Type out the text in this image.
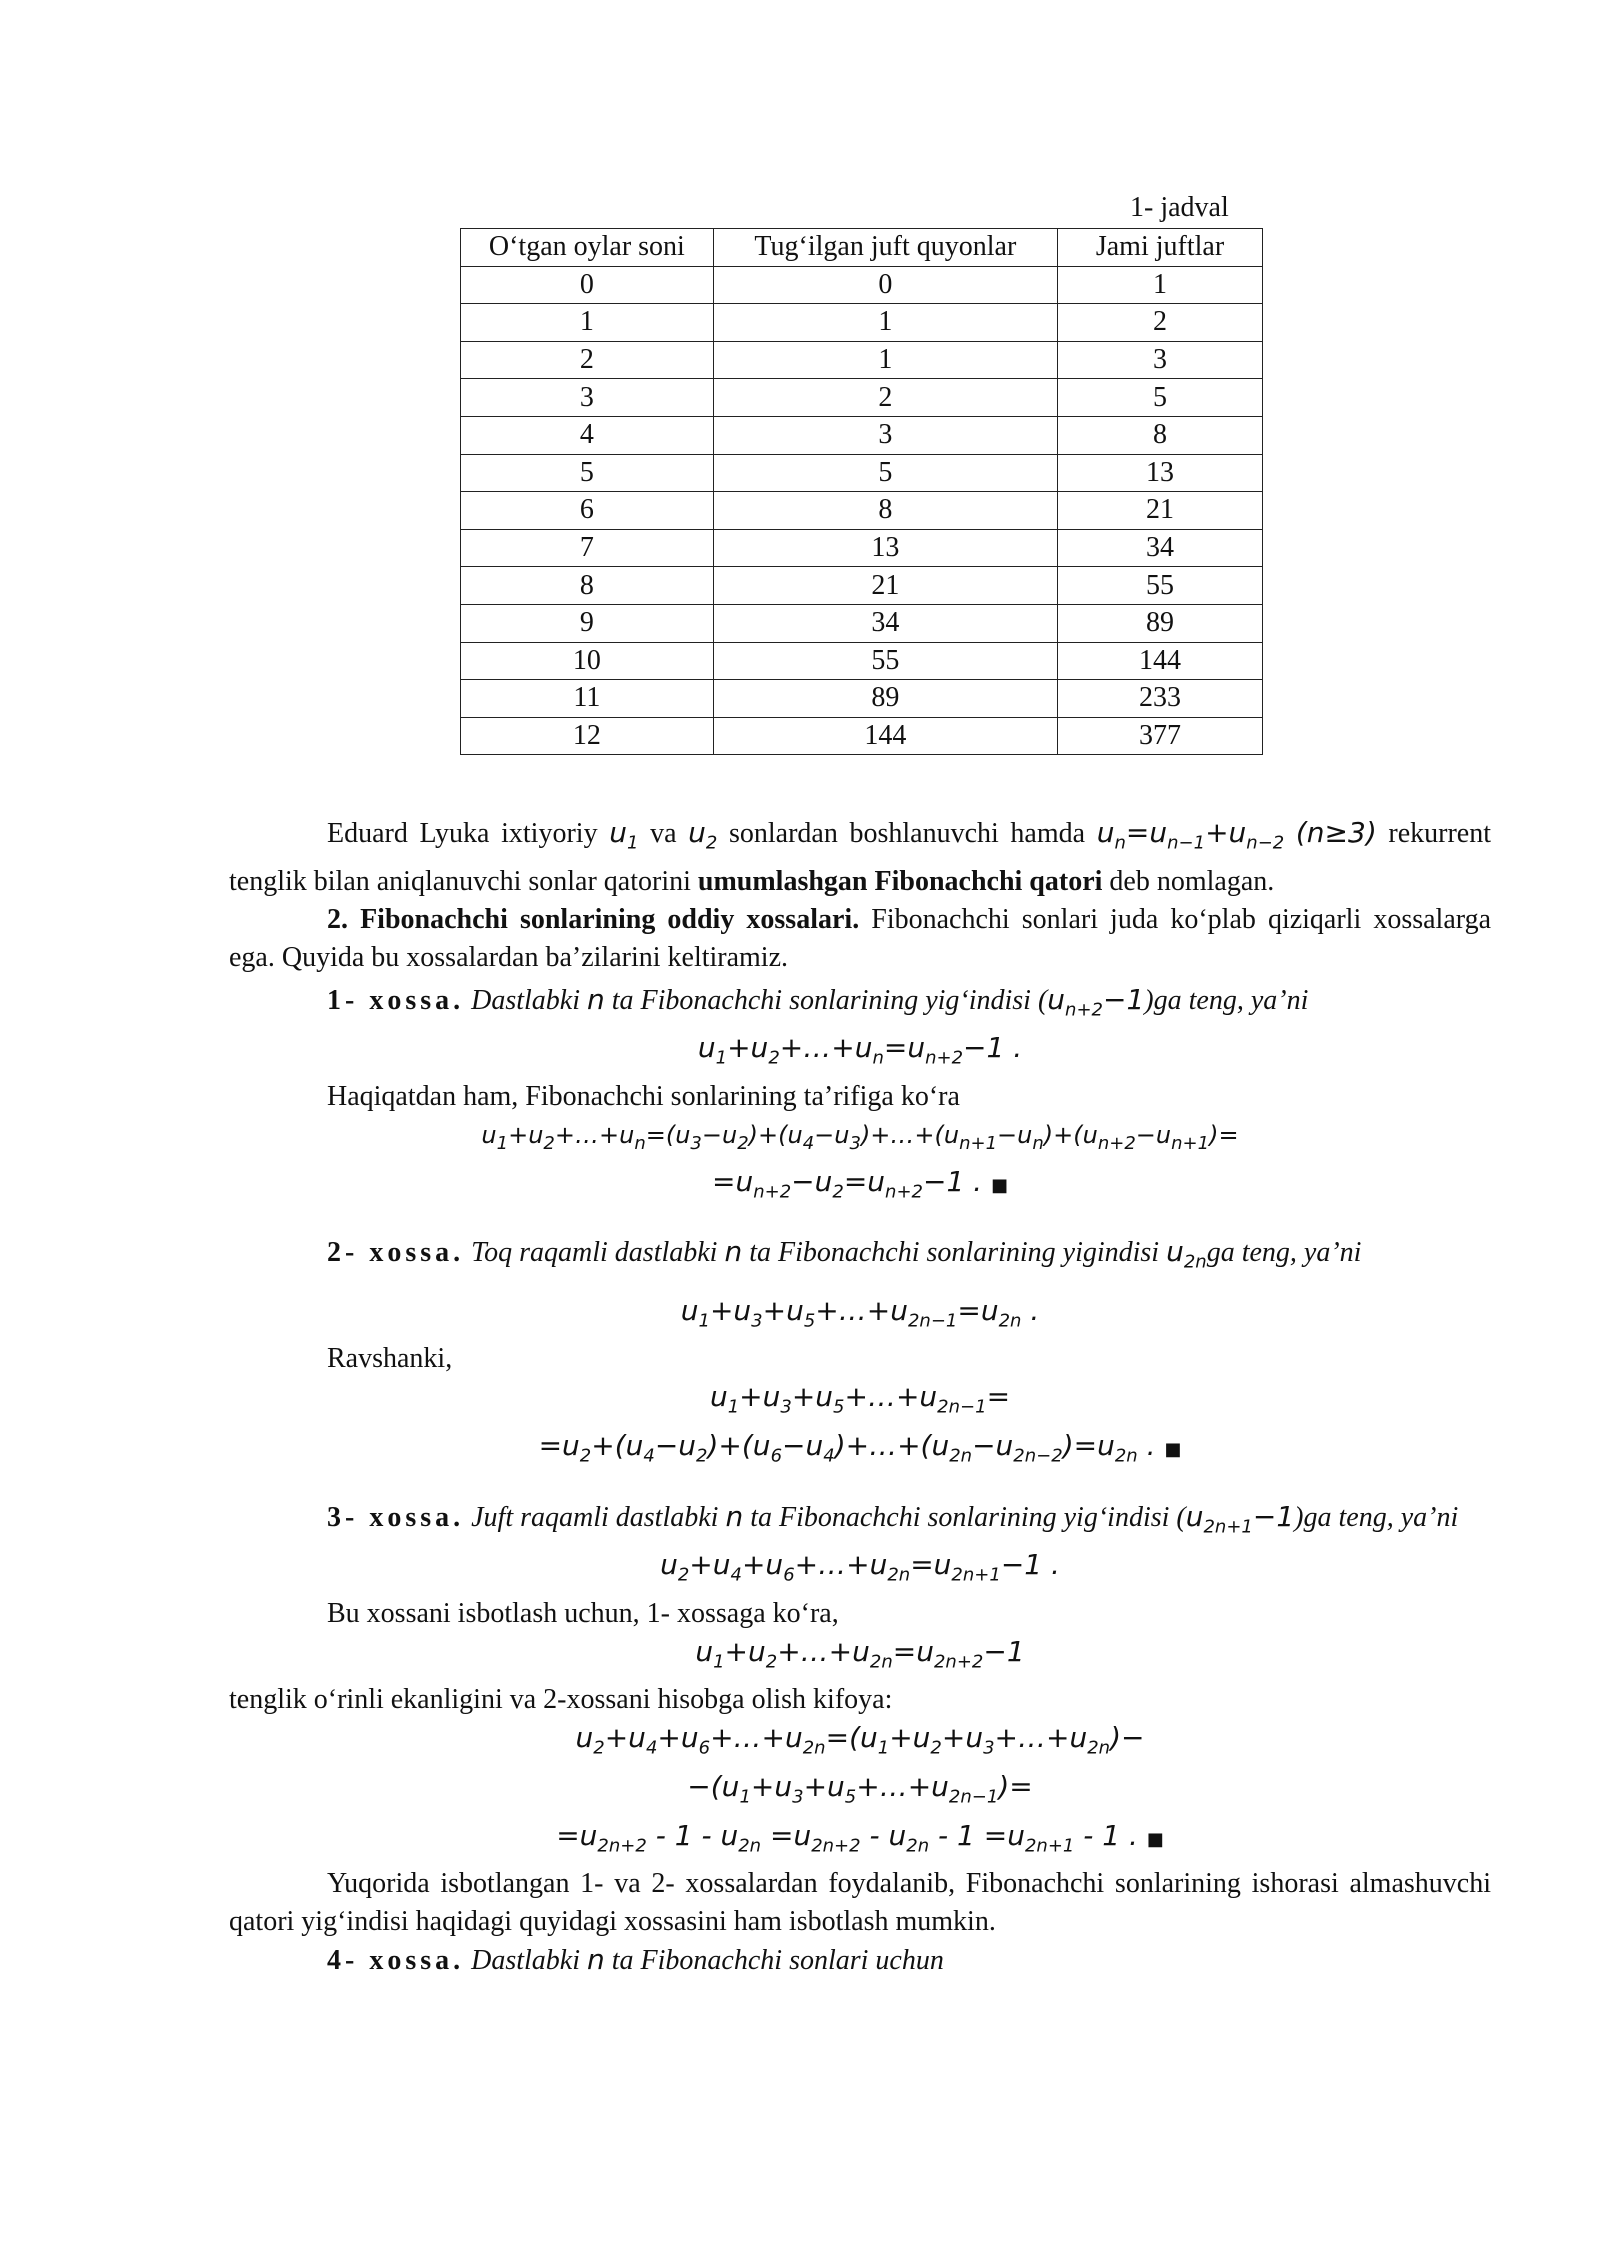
1- jadval
O‘tgan oylar soni	Tug‘ilgan juft quyonlar	Jami juftlar
0	0	1
1	1	2
2	1	3
3	2	5
4	3	8
5	5	13
6	8	21
7	13	34
8	21	55
9	34	89
10	55	144
11	89	233
12	144	377

Eduard Lyuka ixtiyoriy $u_1$ va $u_2$ sonlardan boshlanuvchi hamda $u_n=u_{n-1}+u_{n-2}$ (n≥3) rekurrent tenglik bilan aniqlanuvchi sonlar qatorini umumlashgan Fibonachchi qatori deb nomlagan.

2. Fibonachchi sonlarining oddiy xossalari. Fibonachchi sonlari juda ko‘plab qiziqarli xossalarga ega. Quyida bu xossalardan ba’zilarini keltiramiz.

1- xossa. Dastlabki n ta Fibonachchi sonlarining yig‘indisi $(u_{n+2}-1)ga$ teng, ya’ni

$u_1+u_2+\dots+u_n=u_{n+2}-1$ .

Haqiqatdan ham, Fibonachchi sonlarining ta’rifiga ko‘ra

$u_1+u_2+\dots+u_n=(u_3-u_2)+(u_4-u_3)+\dots+(u_{n+1}-u_n)+(u_{n+2}-u_{n+1})=$

$=u_{n+2}-u_2=u_{n+2}-1$ . ■

2- xossa. Toq raqamli dastlabki n ta Fibonachchi sonlarining yigindisi $u_{2n}ga$ teng, ya’ni

$u_1+u_3+u_5+\dots+u_{2n-1}=u_{2n}$ .

Ravshanki,

$u_1+u_3+u_5+\dots+u_{2n-1}=$

$=u_2+(u_4-u_2)+(u_6-u_4)+\dots+(u_{2n}-u_{2n-2})=u_{2n}$ . ■

3- xossa. Juft raqamli dastlabki n ta Fibonachchi sonlarining yig‘indisi $(u_{2n+1}-1)ga$ teng, ya’ni

$u_2+u_4+u_6+\dots+u_{2n}=u_{2n+1}-1$ .

Bu xossani isbotlash uchun, 1- xossaga ko‘ra,

$u_1+u_2+\dots+u_{2n}=u_{2n+2}-1$

tenglik o‘rinli ekanligini va 2-xossani hisobga olish kifoya:

$u_2+u_4+u_6+\dots+u_{2n}=(u_1+u_2+u_3+\dots+u_{2n})-$

$-(u_1+u_3+u_5+\dots+u_{2n-1})=$

$=u_{2n+2} - 1 - u_{2n} =u_{2n+2} - u_{2n} - 1 =u_{2n+1} - 1$ . ■

Yuqorida isbotlangan 1- va 2- xossalardan foydalanib, Fibonachchi sonlarining ishorasi almashuvchi qatori yig‘indisi haqidagi quyidagi xossasini ham isbotlash mumkin.

4- xossa. Dastlabki n ta Fibonachchi sonlari uchun
